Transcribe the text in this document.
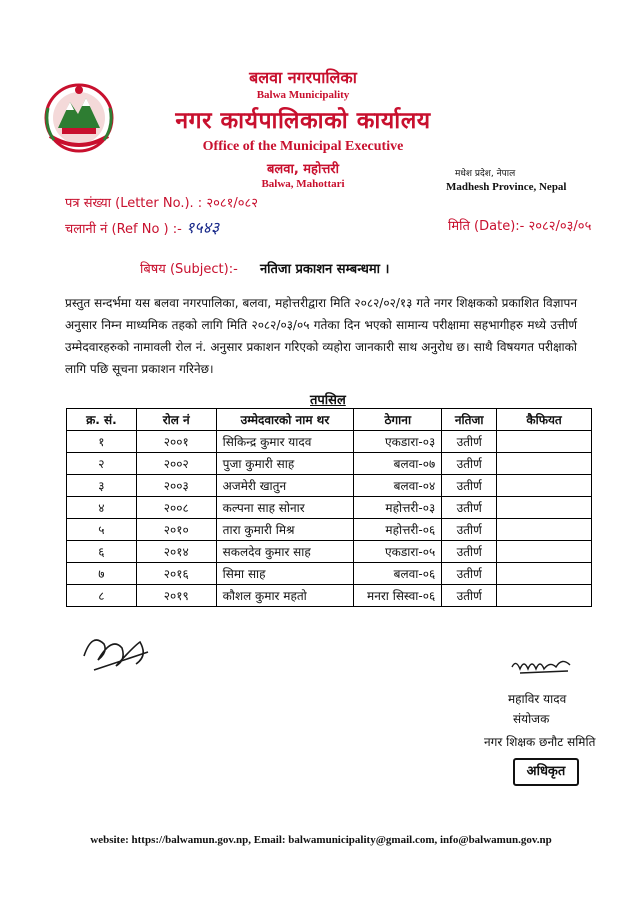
बलवा नगरपालिका
Balwa Municipality
नगर कार्यपालिकाको कार्यालय
Office of the Municipal Executive
बलवा, महोत्तरी
Balwa, Mahottari
मधेश प्रदेश, नेपाल
Madhesh Province, Nepal
पत्र संख्या (Letter No.). : २०८१/०८२
चलानी नं (Ref No ) :- १५४३	मिति (Date):- २०८२/०३/०५
बिषय (Subject):- नतिजा प्रकाशन सम्बन्धमा ।
प्रस्तुत सन्दर्भमा यस बलवा नगरपालिका, बलवा, महोत्तरीद्वारा मिति २०८२/०२/१३ गते नगर शिक्षकको प्रकाशित विज्ञापन अनुसार निम्न माध्यमिक तहको लागि मिति २०८२/०३/०५ गतेका दिन भएको सामान्य परीक्षामा सहभागीहरु मध्ये उत्तीर्ण उम्मेदवारहरुको नामावली रोल नं. अनुसार प्रकाशन गरिएको व्यहोरा जानकारी साथ अनुरोध छ। साथै विषयगत परीक्षाको लागि पछि सूचना प्रकाशन गरिनेछ।
तपसिल
क्र. सं.	रोल नं	उम्मेदवारको नाम थर	ठेगाना	नतिजा	कैफियत
१	२००१	सिकिन्द्र कुमार यादव	एकडारा-०३	उतीर्ण	
२	२००२	पुजा कुमारी साह	बलवा-०७	उतीर्ण	
३	२००३	अजमेरी खातुन	बलवा-०४	उतीर्ण	
४	२००८	कल्पना साह सोनार	महोत्तरी-०३	उतीर्ण	
५	२०१०	तारा कुमारी मिश्र	महोत्तरी-०६	उतीर्ण	
६	२०१४	सकलदेव कुमार साह	एकडारा-०५	उतीर्ण	
७	२०१६	सिमा साह	बलवा-०६	उतीर्ण	
८	२०१९	कौशल कुमार महतो	मनरा सिस्वा-०६	उतीर्ण	
महाविर यादव
संयोजक
नगर शिक्षक छनौट समिति
अधिकृत
website: https://balwamun.gov.np, Email: balwamunicipality@gmail.com, info@balwamun.gov.np
